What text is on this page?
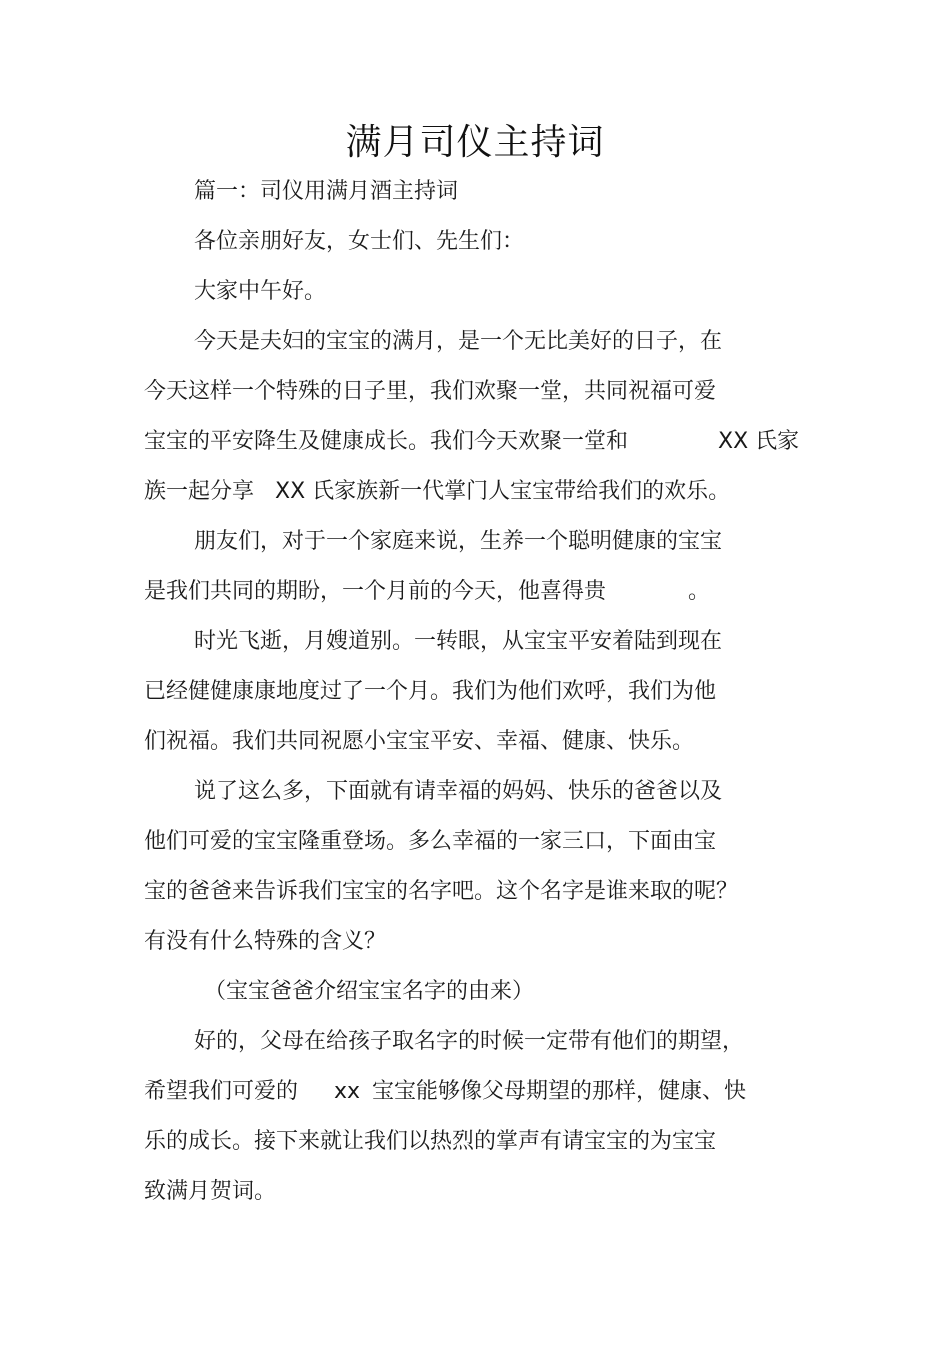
满月司仪主持词
篇一：司仪用满月酒主持词
各位亲朋好友，女士们、先生们：
大家中午好。
今天是夫妇的宝宝的满月，是一个无比美好的日子，在
今天这样一个特殊的日子里，我们欢聚一堂，共同祝福可爱
宝宝的平安降生及健康成长。我们今天欢聚一堂和	XX 氏家
族一起分享 XX 氏家族新一代掌门人宝宝带给我们的欢乐。
朋友们，对于一个家庭来说，生养一个聪明健康的宝宝
是我们共同的期盼，一个月前的今天，他喜得贵	。
时光飞逝，月嫂道别。一转眼，从宝宝平安着陆到现在
已经健健康康地度过了一个月。我们为他们欢呼，我们为他
们祝福。我们共同祝愿小宝宝平安、幸福、健康、快乐。
说了这么多，下面就有请幸福的妈妈、快乐的爸爸以及
他们可爱的宝宝隆重登场。多么幸福的一家三口，下面由宝
宝的爸爸来告诉我们宝宝的名字吧。这个名字是谁来取的呢？
有没有什么特殊的含义？
（宝宝爸爸介绍宝宝名字的由来）
好的，父母在给孩子取名字的时候一定带有他们的期望，
希望我们可爱的 xx 宝宝能够像父母期望的那样，健康、快
乐的成长。接下来就让我们以热烈的掌声有请宝宝的为宝宝
致满月贺词。
